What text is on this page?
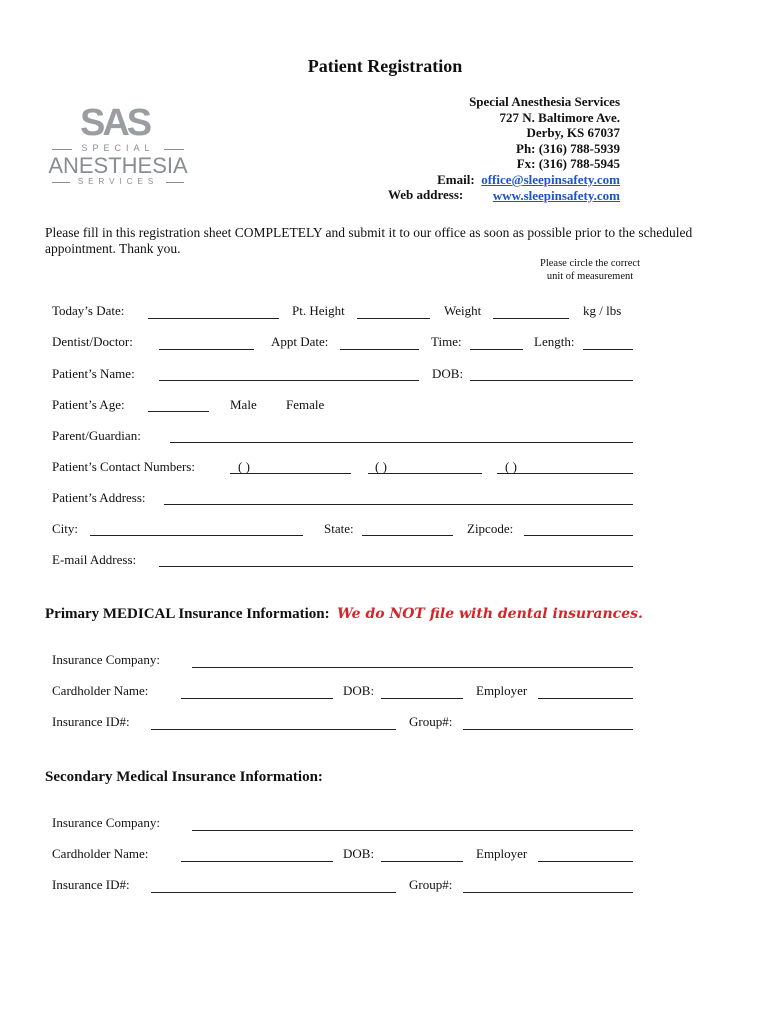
Patient Registration
SAS
SPECIAL
ANESTHESIA
SERVICES
Special Anesthesia Services
727 N. Baltimore Ave.
Derby, KS 67037
Ph: (316) 788-5939
Fx: (316) 788-5945
Email: office@sleepinsafety.com
www.sleepinsafety.com
Web address:
Please fill in this registration sheet COMPLETELY and submit it to our office as soon as possible prior to the scheduled appointment. Thank you.
Please circle the correct unit of measurement
Today’s Date:	Pt. Height	Weight	kg / lbs
Dentist/Doctor:	Appt Date:	Time:	Length:
Patient’s Name:	DOB:
Patient’s Age:	Male Female
Parent/Guardian:
Patient’s Contact Numbers:	( )	( )	( )
Patient’s Address:
City:	State:	Zipcode:
E-mail Address:
Primary MEDICAL Insurance Information: We do NOT file with dental insurances.
Insurance Company:
Cardholder Name:	DOB:	Employer
Insurance ID#:	Group#:
Secondary Medical Insurance Information:
Insurance Company:
Cardholder Name:	DOB:	Employer
Insurance ID#:	Group#:
